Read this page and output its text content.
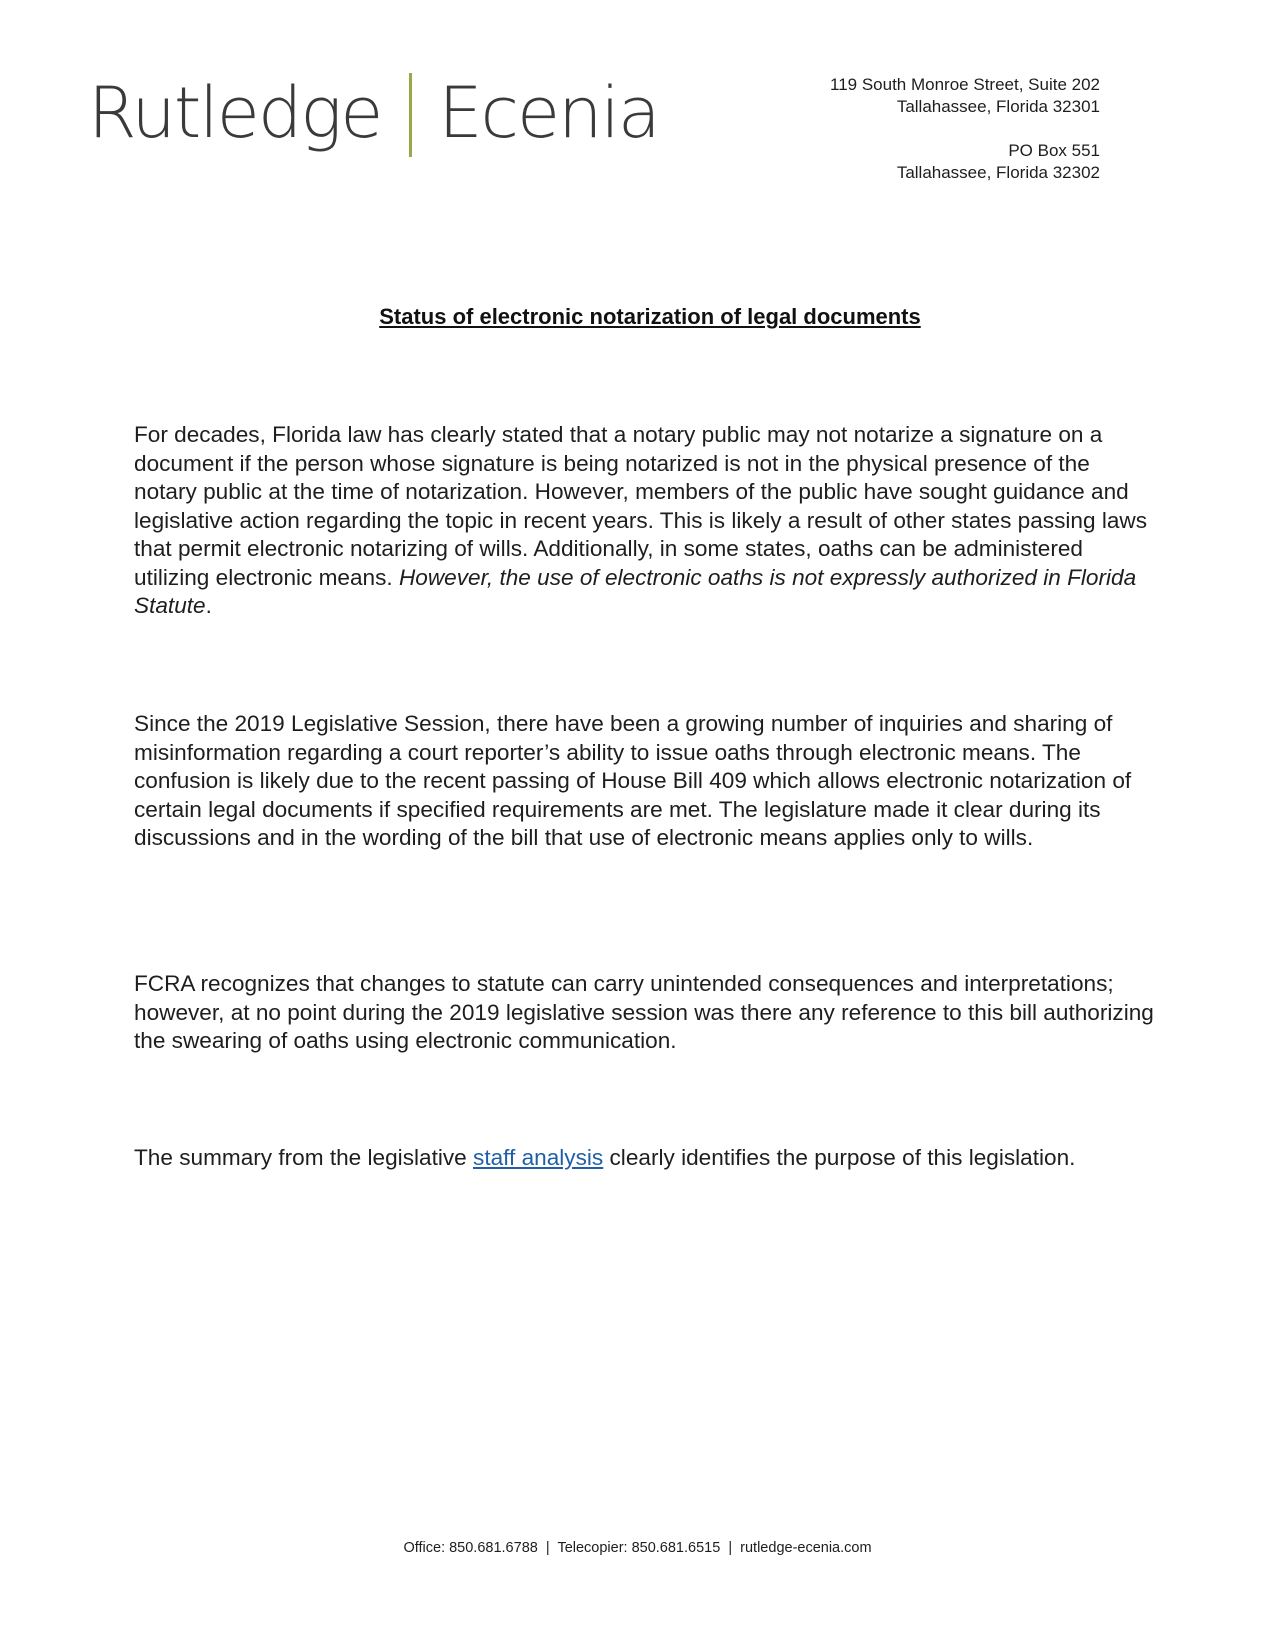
Rutledge Ecenia	119 South Monroe Street, Suite 202
Tallahassee, Florida 32301
PO Box 551
Tallahassee, Florida 32302
Status of electronic notarization of legal documents

For decades, Florida law has clearly stated that a notary public may not notarize a signature on a document if the person whose signature is being notarized is not in the physical presence of the notary public at the time of notarization. However, members of the public have sought guidance and legislative action regarding the topic in recent years. This is likely a result of other states passing laws that permit electronic notarizing of wills. Additionally, in some states, oaths can be administered utilizing electronic means. However, the use of electronic oaths is not expressly authorized in Florida Statute.

Since the 2019 Legislative Session, there have been a growing number of inquiries and sharing of misinformation regarding a court reporter’s ability to issue oaths through electronic means. The confusion is likely due to the recent passing of House Bill 409 which allows electronic notarization of certain legal documents if specified requirements are met. The legislature made it clear during its discussions and in the wording of the bill that use of electronic means applies only to wills.

FCRA recognizes that changes to statute can carry unintended consequences and interpretations; however, at no point during the 2019 legislative session was there any reference to this bill authorizing the swearing of oaths using electronic communication.

The summary from the legislative staff analysis clearly identifies the purpose of this legislation.

Office: 850.681.6788  |  Telecopier: 850.681.6515  |  rutledge-ecenia.com
